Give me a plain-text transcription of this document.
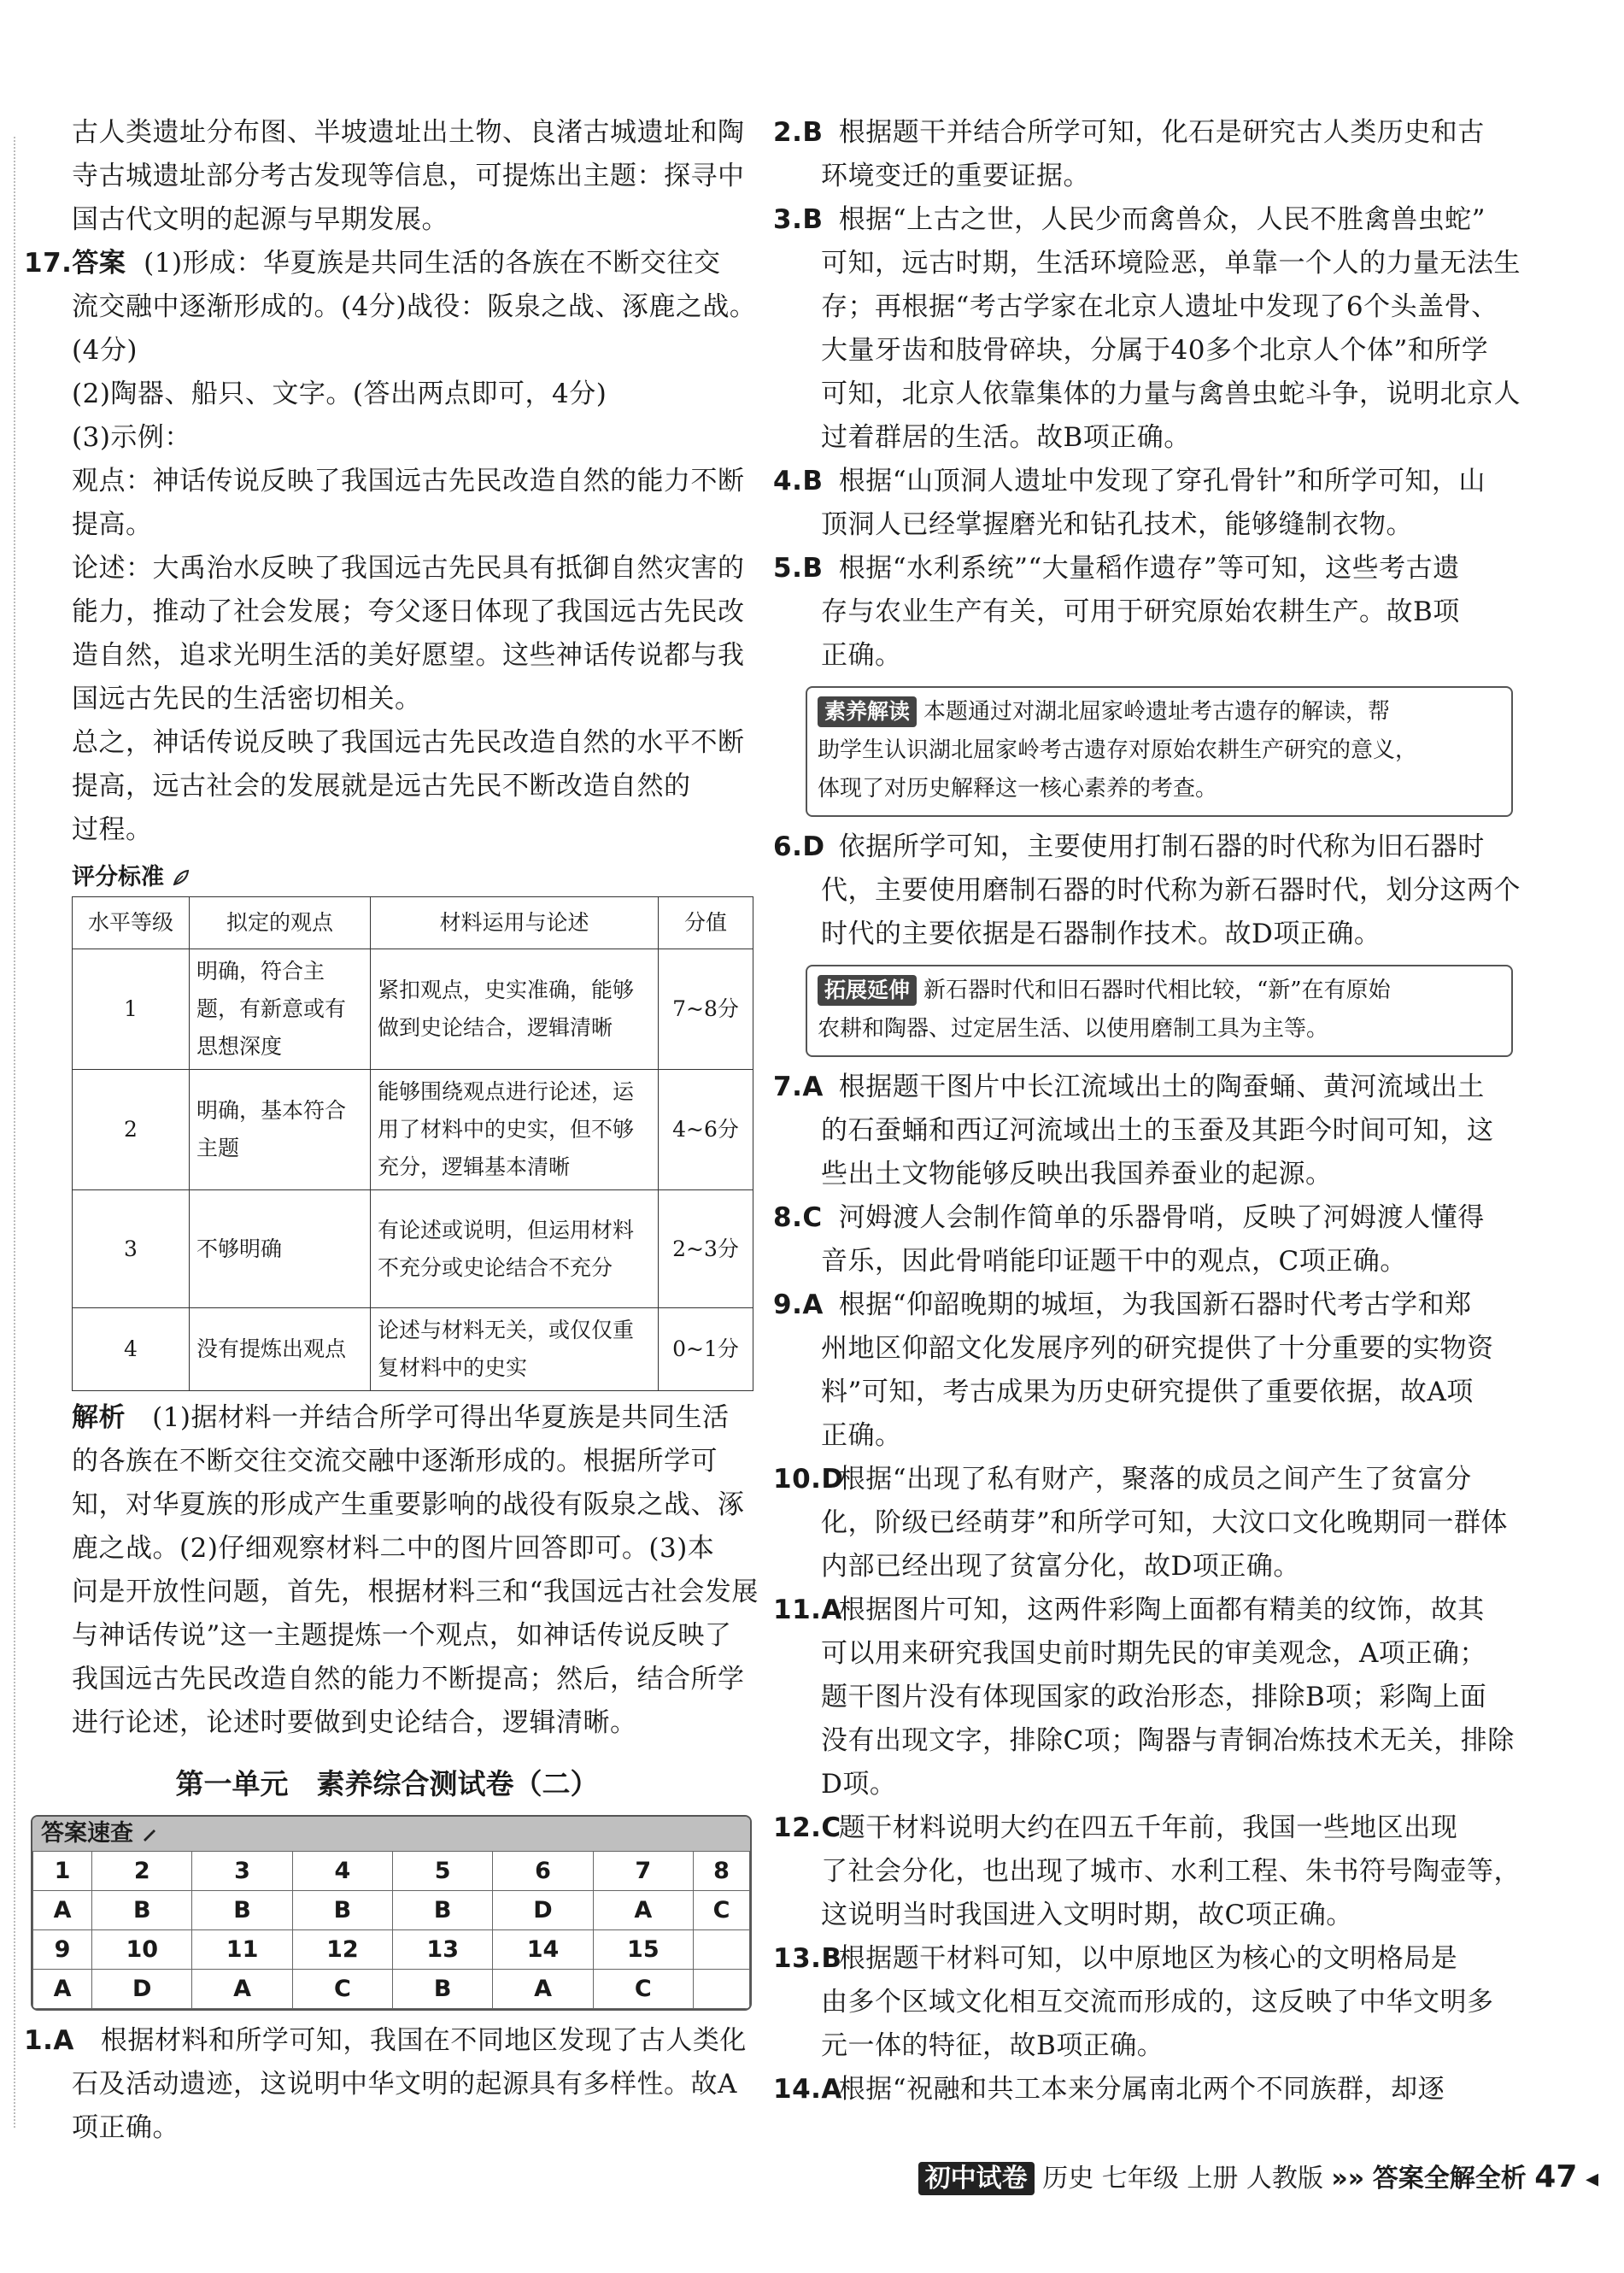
古人类遗址分布图、半坡遗址出土物、良渚古城遗址和陶

寺古城遗址部分考古发现等信息，可提炼出主题：探寻中

国古代文明的起源与早期发展。

17.答案 (1)形成：华夏族是共同生活的各族在不断交往交

流交融中逐渐形成的。(4分)战役：阪泉之战、涿鹿之战。

(4分)

(2)陶器、船只、文字。(答出两点即可，4分)

(3)示例：

观点：神话传说反映了我国远古先民改造自然的能力不断

提高。

论述：大禹治水反映了我国远古先民具有抵御自然灾害的

能力，推动了社会发展；夸父逐日体现了我国远古先民改

造自然，追求光明生活的美好愿望。这些神话传说都与我

国远古先民的生活密切相关。

总之，神话传说反映了我国远古先民改造自然的水平不断

提高，远古社会的发展就是远古先民不断改造自然的

过程。

评分标准

水平等级	拟定的观点	材料运用与论述	分值
1	明确，符合主题，有新意或有思想深度	紧扣观点，史实准确，能够做到史论结合，逻辑清晰	7~8分
2	明确，基本符合主题	能够围绕观点进行论述，运用了材料中的史实，但不够充分，逻辑基本清晰	4~6分
3	不够明确	有论述或说明，但运用材料不充分或史论结合不充分	2~3分
4	没有提炼出观点	论述与材料无关，或仅仅重复材料中的史实	0~1分

解析 (1)据材料一并结合所学可得出华夏族是共同生活

的各族在不断交往交流交融中逐渐形成的。根据所学可

知，对华夏族的形成产生重要影响的战役有阪泉之战、涿

鹿之战。(2)仔细观察材料二中的图片回答即可。(3)本

问是开放性问题，首先，根据材料三和“我国远古社会发展

与神话传说”这一主题提炼一个观点，如神话传说反映了

我国远古先民改造自然的能力不断提高；然后，结合所学

进行论述，论述时要做到史论结合，逻辑清晰。

第一单元　素养综合测试卷（二）

答案速查
1	2	3	4	5	6	7	8
A	B	B	B	B	D	A	C
9	10	11	12	13	14	15	
A	D	A	C	B	A	C	

1.A 根据材料和所学可知，我国在不同地区发现了古人类化

石及活动遗迹，这说明中华文明的起源具有多样性。故A

项正确。

2.B 根据题干并结合所学可知，化石是研究古人类历史和古

环境变迁的重要证据。

3.B 根据“上古之世，人民少而禽兽众，人民不胜禽兽虫蛇”

可知，远古时期，生活环境险恶，单靠一个人的力量无法生

存；再根据“考古学家在北京人遗址中发现了6个头盖骨、

大量牙齿和肢骨碎块，分属于40多个北京人个体”和所学

可知，北京人依靠集体的力量与禽兽虫蛇斗争，说明北京人

过着群居的生活。故B项正确。

4.B 根据“山顶洞人遗址中发现了穿孔骨针”和所学可知，山

顶洞人已经掌握磨光和钻孔技术，能够缝制衣物。

5.B 根据“水利系统”“大量稻作遗存”等可知，这些考古遗

存与农业生产有关，可用于研究原始农耕生产。故B项

正确。

素养解读 本题通过对湖北屈家岭遗址考古遗存的解读，帮

助学生认识湖北屈家岭考古遗存对原始农耕生产研究的意义，

体现了对历史解释这一核心素养的考查。

6.D 依据所学可知，主要使用打制石器的时代称为旧石器时

代，主要使用磨制石器的时代称为新石器时代，划分这两个

时代的主要依据是石器制作技术。故D项正确。

拓展延伸 新石器时代和旧石器时代相比较，“新”在有原始

农耕和陶器、过定居生活、以使用磨制工具为主等。

7.A 根据题干图片中长江流域出土的陶蚕蛹、黄河流域出土

的石蚕蛹和西辽河流域出土的玉蚕及其距今时间可知，这

些出土文物能够反映出我国养蚕业的起源。

8.C 河姆渡人会制作简单的乐器骨哨，反映了河姆渡人懂得

音乐，因此骨哨能印证题干中的观点，C项正确。

9.A 根据“仰韶晚期的城垣，为我国新石器时代考古学和郑

州地区仰韶文化发展序列的研究提供了十分重要的实物资

料”可知，考古成果为历史研究提供了重要依据，故A项

正确。

10.D  根据“出现了私有财产，聚落的成员之间产生了贫富分

化，阶级已经萌芽”和所学可知，大汶口文化晚期同一群体

内部已经出现了贫富分化，故D项正确。

11.A  根据图片可知，这两件彩陶上面都有精美的纹饰，故其

可以用来研究我国史前时期先民的审美观念，A项正确；

题干图片没有体现国家的政治形态，排除B项；彩陶上面

没有出现文字，排除C项；陶器与青铜冶炼技术无关，排除

D项。

12.C  题干材料说明大约在四五千年前，我国一些地区出现

了社会分化，也出现了城市、水利工程、朱书符号陶壶等，

这说明当时我国进入文明时期，故C项正确。

13.B  根据题干材料可知，以中原地区为核心的文明格局是

由多个区域文化相互交流而形成的，这反映了中华文明多

元一体的特征，故B项正确。

14.A  根据“祝融和共工本来分属南北两个不同族群，却逐

初中试卷 历史 七年级 上册 人教版 »» 答案全解全析 47 ◂
